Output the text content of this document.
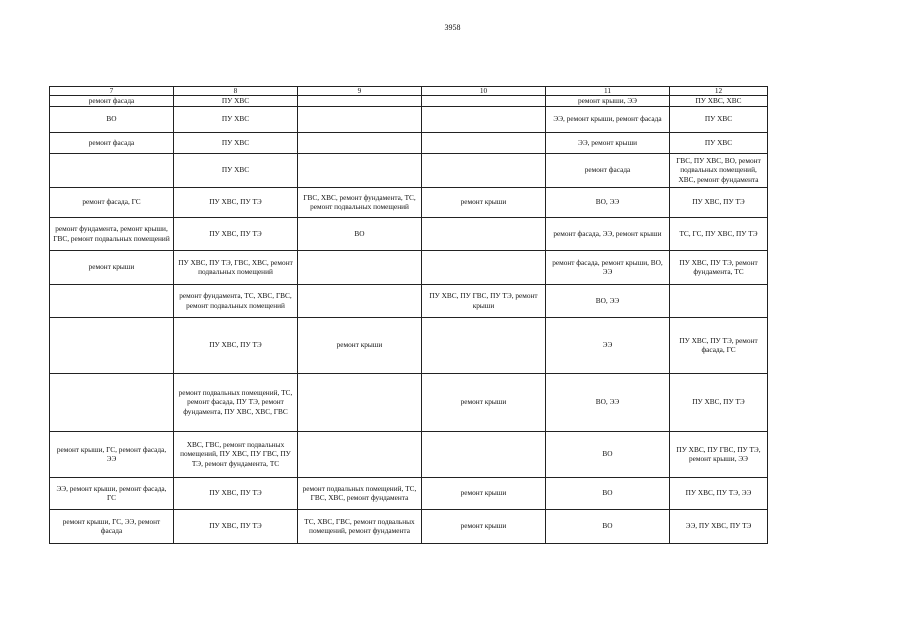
3958
7	8	9	10	11	12
ремонт фасада	ПУ ХВС			ремонт крыши, ЭЭ	ПУ ХВС, ХВС
ВО	ПУ ХВС			ЭЭ, ремонт крыши, ремонт фасада	ПУ ХВС
ремонт фасада	ПУ ХВС			ЭЭ, ремонт крыши	ПУ ХВС
	ПУ ХВС			ремонт фасада	ГВС, ПУ ХВС, ВО, ремонт подвальных помещений, ХВС, ремонт фундамента
ремонт фасада, ГС	ПУ ХВС, ПУ ТЭ	ГВС, ХВС, ремонт фундамента, ТС, ремонт подвальных помещений	ремонт крыши	ВО, ЭЭ	ПУ ХВС, ПУ ТЭ
ремонт фундамента, ремонт крыши, ГВС, ремонт подвальных помещений	ПУ ХВС, ПУ ТЭ	ВО		ремонт фасада, ЭЭ, ремонт крыши	ТС, ГС, ПУ ХВС, ПУ ТЭ
ремонт крыши	ПУ ХВС, ПУ ТЭ, ГВС, ХВС, ремонт подвальных помещений			ремонт фасада, ремонт крыши, ВО, ЭЭ	ПУ ХВС, ПУ ТЭ, ремонт фундамента, ТС
	ремонт фундамента, ТС, ХВС, ГВС, ремонт подвальных помещений		ПУ ХВС, ПУ ГВС, ПУ ТЭ, ремонт крыши	ВО, ЭЭ	
	ПУ ХВС, ПУ ТЭ	ремонт крыши		ЭЭ	ПУ ХВС, ПУ ТЭ, ремонт фасада, ГС
	ремонт подвальных помещений, ТС, ремонт фасада, ПУ ТЭ, ремонт фундамента, ПУ ХВС, ХВС, ГВС		ремонт крыши	ВО, ЭЭ	ПУ ХВС, ПУ ТЭ
ремонт крыши, ГС, ремонт фасада, ЭЭ	ХВС, ГВС, ремонт подвальных помещений, ПУ ХВС, ПУ ГВС, ПУ ТЭ, ремонт фундамента, ТС			ВО	ПУ ХВС, ПУ ГВС, ПУ ТЭ, ремонт крыши, ЭЭ
ЭЭ, ремонт крыши, ремонт фасада, ГС	ПУ ХВС, ПУ ТЭ	ремонт подвальных помещений, ТС, ГВС, ХВС, ремонт фундамента	ремонт крыши	ВО	ПУ ХВС, ПУ ТЭ, ЭЭ
ремонт крыши, ГС, ЭЭ, ремонт фасада	ПУ ХВС, ПУ ТЭ	ТС, ХВС, ГВС, ремонт подвальных помещений, ремонт фундамента	ремонт крыши	ВО	ЭЭ, ПУ ХВС, ПУ ТЭ
